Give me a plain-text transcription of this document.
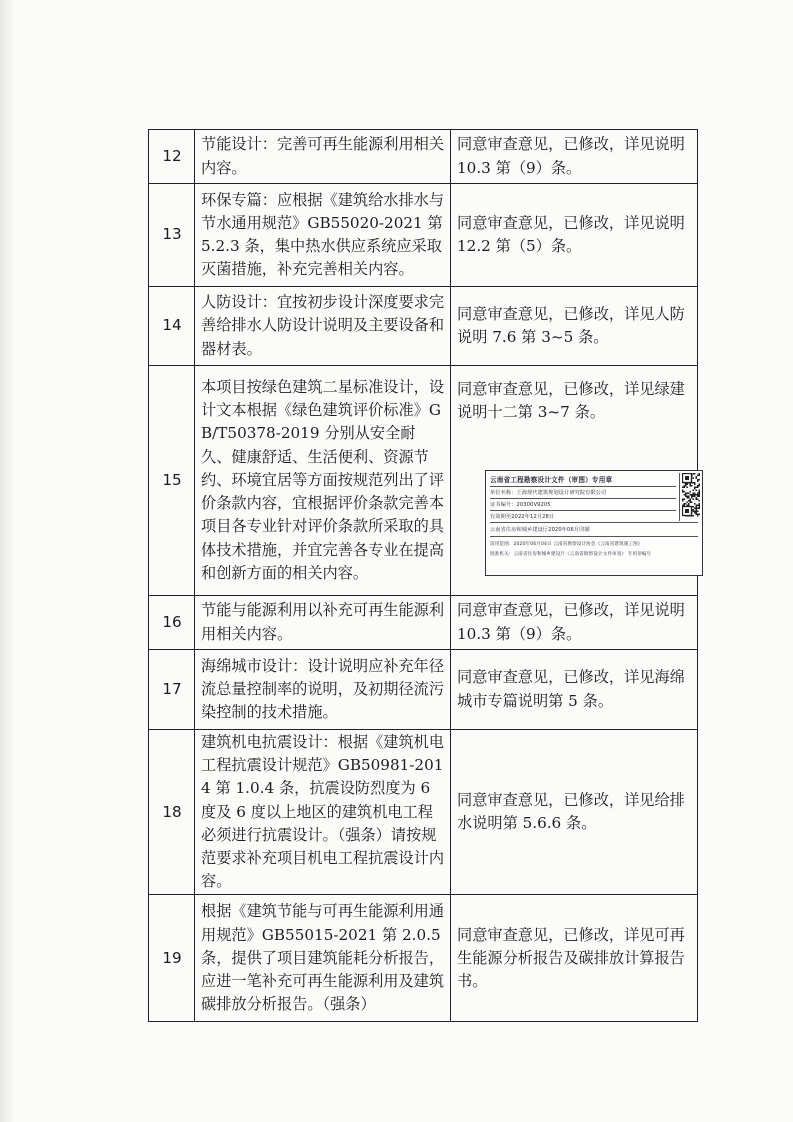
12	节能设计：完善可再生能源利用相关内容。	同意审查意见，已修改，详见说明 10.3 第（9）条。
13	环保专篇：应根据《建筑给水排水与节水通用规范》GB55020-2021 第 5.2.3 条，集中热水供应系统应采取灭菌措施，补充完善相关内容。	同意审查意见，已修改，详见说明 12.2 第（5）条。
14	人防设计：宜按初步设计深度要求完善给排水人防设计说明及主要设备和器材表。	同意审查意见，已修改，详见人防说明 7.6 第 3~5 条。
15	本项目按绿色建筑二星标准设计，设计文本根据《绿色建筑评价标准》GB/T50378-2019 分别从安全耐久、健康舒适、生活便利、资源节约、环境宜居等方面按规范列出了评价条款内容，宜根据评价条款完善本项目各专业针对评价条款所采取的具体技术措施，并宜完善各专业在提高和创新方面的相关内容。	同意审查意见，已修改，详见绿建说明十二第 3~7 条。
16	节能与能源利用以补充可再生能源利用相关内容。	同意审查意见，已修改，详见说明 10.3 第（9）条。
17	海绵城市设计：设计说明应补充年径流总量控制率的说明，及初期径流污染控制的技术措施。	同意审查意见，已修改，详见海绵城市专篇说明第 5 条。
18	建筑机电抗震设计：根据《建筑机电工程抗震设计规范》GB50981-2014 第 1.0.4 条，抗震设防烈度为 6 度及 6 度以上地区的建筑机电工程必须进行抗震设计。（强条）请按规范要求补充项目机电工程抗震设计内容。	同意审查意见，已修改，详见给排水说明第 5.6.6 条。
19	根据《建筑节能与可再生能源利用通用规范》GB55015-2021 第 2.0.5 条，提供了项目建筑能耗分析报告，应进一笔补充可再生能源利用及建筑碳排放分析报告。（强条）	同意审查意见，已修改，详见可再生能源分析报告及碳排放计算报告书。
云南省工程勘察设计文件（审图）专用章
单位名称：上海现代建筑规划设计研究院有限公司
证书编号：20300V9205
有效期至2022年12月28日
云南省住房和城乡建设厅2020年06月印制
适用范围：2020年06月04日 云南省勘察设计协会《云南省建筑施工图》
批准机关：云南省住房和城乡建设厅《云南省勘察设计文件审查》 专用章编号
